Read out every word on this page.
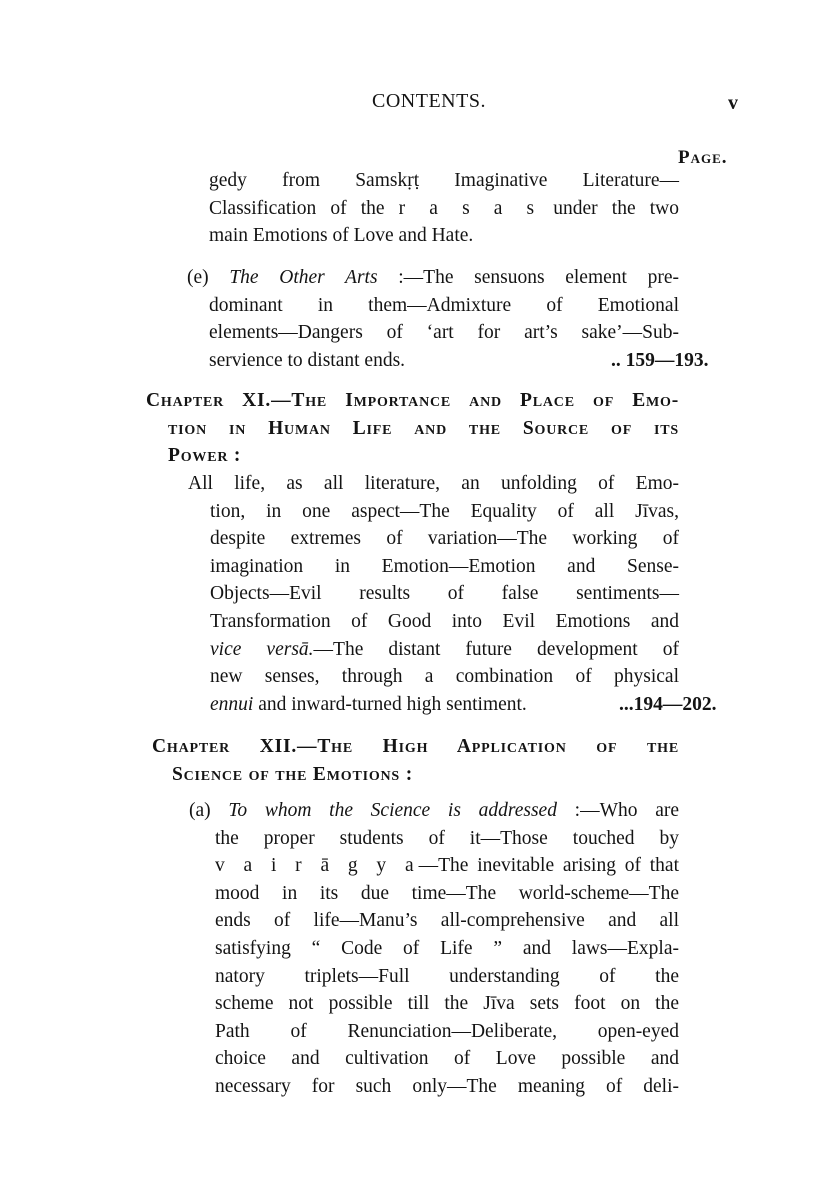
CONTENTS.	v
Page.
gedy from Samskṛṭ Imaginative Literature—
Classification of the r a s a s under the two
main Emotions of Love and Hate.
(e) The Other Arts :—The sensuons element pre-
dominant in them—Admixture of Emotional
elements—Dangers of ‘art for art’s sake’—Sub-
servience to distant ends.	.. 159—193.
Chapter XI.—The Importance and Place of Emo-
tion in Human Life and the Source of its
Power :
All life, as all literature, an unfolding of Emo-
tion, in one aspect—The Equality of all Jīvas,
despite extremes of variation—The working of
imagination in Emotion—Emotion and Sense-
Objects—Evil results of false sentiments—
Transformation of Good into Evil Emotions and
vice versā.—The distant future development of
new senses, through a combination of physical
ennui and inward-turned high sentiment.	...194—202.
Chapter XII.—The High Application of the
Science of the Emotions :
(a) To whom the Science is addressed :—Who are
the proper students of it—Those touched by
v a i r ā g y a—The inevitable arising of that
mood in its due time—The world-scheme—The
ends of life—Manu’s all-comprehensive and all
satisfying “ Code of Life ” and laws—Expla-
natory triplets—Full understanding of the
scheme not possible till the Jīva sets foot on the
Path of Renunciation—Deliberate, open-eyed
choice and cultivation of Love possible and
necessary for such only—The meaning of deli-
